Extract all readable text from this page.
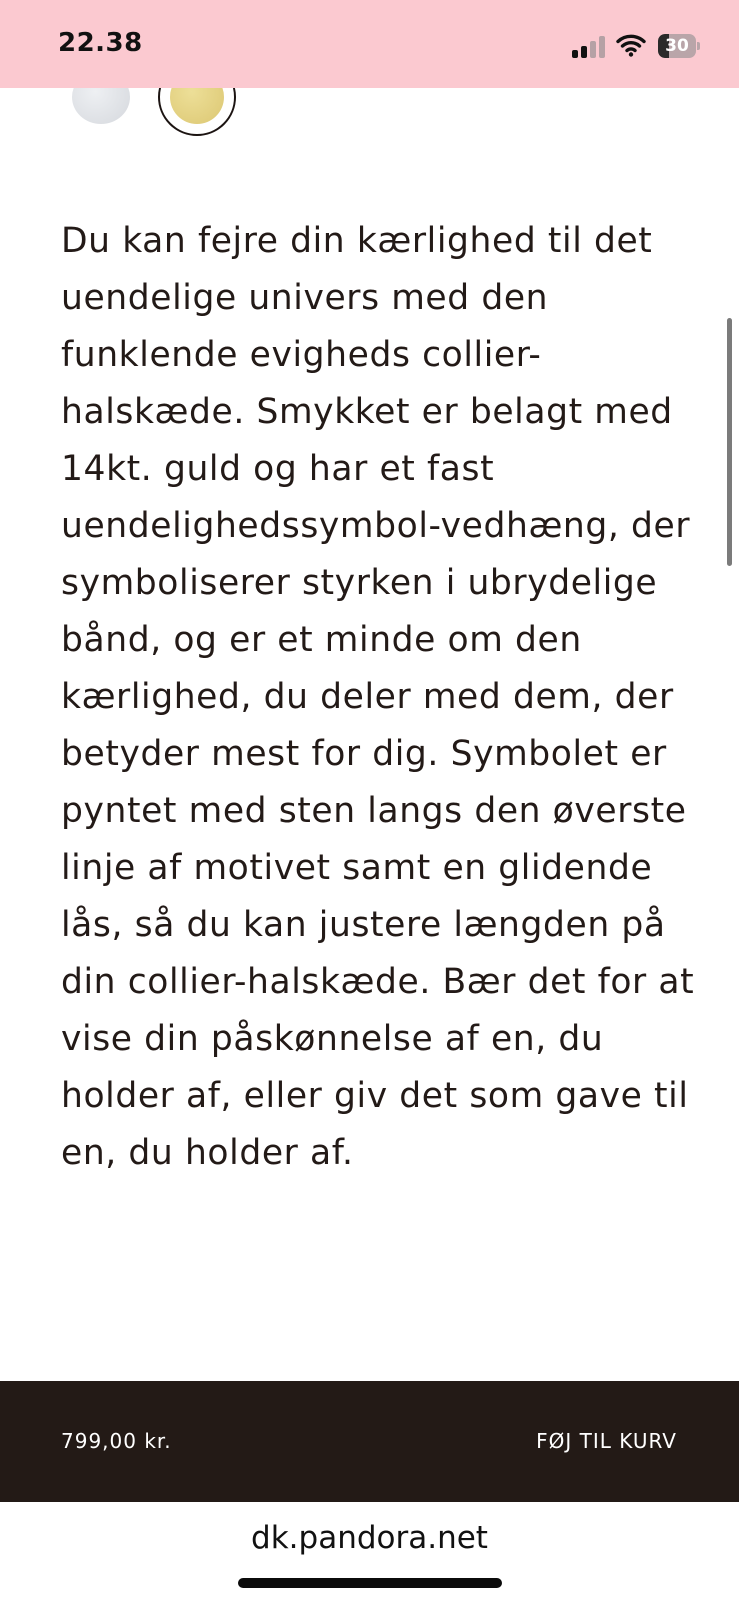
22.38	30

Du kan fejre din kærlighed til det uendelige univers med den funklende evigheds collier-halskæde. Smykket er belagt med 14kt. guld og har et fast uendelighedssymbol-vedhæng, der symboliserer styrken i ubrydelige bånd, og er et minde om den kærlighed, du deler med dem, der betyder mest for dig. Symbolet er pyntet med sten langs den øverste linje af motivet samt en glidende lås, så du kan justere længden på din collier-halskæde. Bær det for at vise din påskønnelse af en, du holder af, eller giv det som gave til en, du holder af.

799,00 kr.	FØJ TIL KURV
dk.pandora.net
